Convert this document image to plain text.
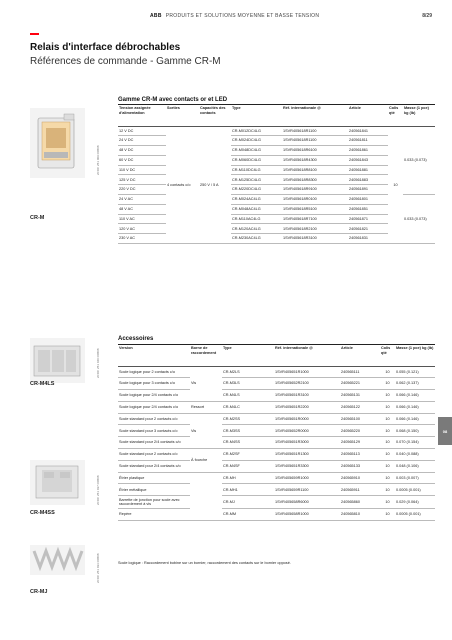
ABB PRODUITS ET SOLUTIONS MOYENNE ET BASSE TENSION	8/29
Relais d'interface débrochables
Références de commande - Gamme CR-M
2CDC 251 009 F0B08
CR-M
2CDC 251 040 F0B08
CR-M4LS
2CDC 251 037 F0B08
CR-M4SS
2CDC 251 033 F0B08
CR-MJ
Gamme CR-M avec contacts or et LED
Tension assignée d'alimentation	Sorties	Capacités des contacts	Type	Réf. internationale @	Article	Colis qté	Masse (1 pce) kg (lb)
12 V DC	4 contacts c/o	250 V / 5 A	CR-M012DC4LG	1SVR405618R1100	240561841	10	0.033 (0.073)
24 V DC			CR-M024DC4LG	1SVR405618R1100	240561811		
48 V DC			CR-M048DC4LG	1SVR405618R6100	240561861		
60 V DC			CR-M060DC4LG	1SVR405618R4300	240561843		
110 V DC			CR-M110DC4LG	1SVR405618R8100	240561881		
125 V DC			CR-M125DC4LG	1SVR405618R8300	240561883		
220 V DC			CR-M220DC4LG	1SVR405618R9100	240561891		
24 V AC			CR-M024AC4LG	1SVR405618R0100	240561801		0.033 (0.073)
48 V AC			CR-M048AC4LG	1SVR405618R5100	240561851		
110 V AC			CR-M110AC4LG	1SVR405618R7100	240561871		
120 V AC			CR-M120AC4LG	1SVR405618R2100	240561821		
230 V AC			CR-M230AC4LG	1SVR405618R3100	240561831		
Accessoires
Version	Borne de raccordement	Type	Réf. internationale @	Article	Colis qté	Masse (1 pce) kg (lb)
Socle logique pour 2 contacts c/o	Vis	CR-M2LS	1SVR405651R1000	240565111	10	0.055 (0.121)
Socle logique pour 3 contacts c/o		CR-M3LS	1SVR405652R2100	240565221	10	0.062 (0.137)
Socle logique pour 2/4 contacts c/o		CR-M4LS	1SVR405651R3100	240565131	10	0.066 (0.146)
Socle logique pour 2/4 contacts c/o	Ressort	CR-M4LC	1SVR405651R2200	240565122	10	0.066 (0.146)
Socle standard pour 2 contacts c/o	Vis	CR-M2SS	1SVR405651R0000	240565100	10	0.066 (0.146)
Socle standard pour 3 contacts c/o		CR-M3SS	1SVR405652R0000	240565220	10	0.068 (0.150)
Socle standard pour 2/4 contacts c/o		CR-M4SS	1SVR405651R3000	240565129	10	0.070 (0.154)
Socle standard pour 2 contacts c/o	À fourche	CR-M2SF	1SVR405651R1300	240565113	10	0.040 (0.088)
Socle standard pour 2/4 contacts c/o		CR-M4SF	1SVR405651R3300	240565133	10	0.048 (0.106)
Étrier plastique		CR-MH	1SVR405659R1000	240565910	10	0.003 (0.007)
Étrier métallique		CR-MH1	1SVR405659R1100	240565911	10	0.0005 (0.001)
Barrette de jonction pour socle avec raccordement à vis		CR-MJ	1SVR405658R6000	240565860	10	0.029 (0.064)
Repère		CR-MM	1SVR405658R1000	240565810	10	0.0005 (0.001)
Socle logique : Raccordement bobine sur un bornier, raccordement des contacts sur le bornier opposé.
08
